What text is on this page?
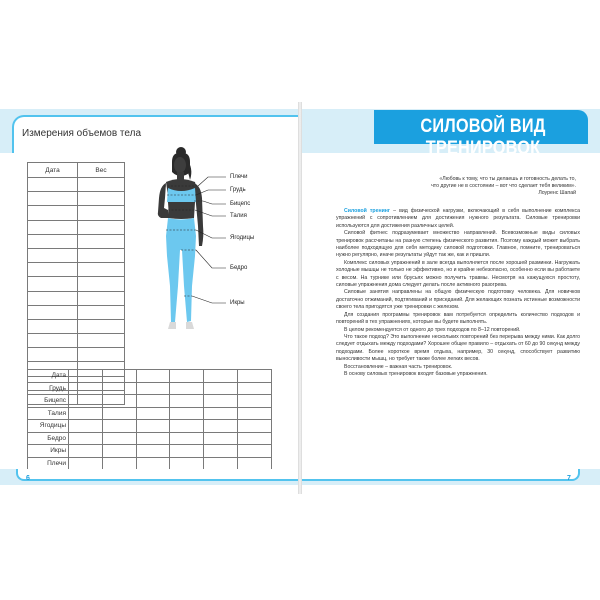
Измерения объемов тела
Дата	Вес

Плечи
Грудь
Бицепс
Талия
Ягодицы
Бедро
Икры
Дата						
Грудь						
Бицепс						
Талия						
Ягодицы						
Бедро						
Икры						
Плечи						
6
СИЛОВОЙ ВИД ТРЕНИРОВОК
«Любовь к тому, что ты делаешь и готовность делать то,
что другие не в состоянии – вот что сделает тебя великим».
Лоуренс Шапай

Силовой тренинг – вид физической нагрузки, включающий в себя выполнение комплекса упражнений с сопротивлением для достижения нужного результата. Силовые тренировки используются для достижения различных целей.

Силовой фитнес подразумевает множество направлений. Всевозможные виды силовых тренировок рассчитаны на разную степень физического развития. Поэтому каждый может выбрать наиболее подходящую для себя методику силовой подготовки. Главное, помните, тренироваться нужно регулярно, иначе результаты уйдут так же, как и пришли.

Комплекс силовых упражнений в зале всегда выполняется после хорошей разминки. Нагружать холодные мышцы не только не эффективно, но и крайне небезопасно, особенно если вы работаете с весом. На турнике или брусьях можно получить травмы. Несмотря на кажущуюся простоту, силовые упражнения дома следует делать после активного разогрева.

Силовые занятия направлены на общую физическую подготовку человека. Для новичков достаточно отжиманий, подтягиваний и приседаний. Для желающих познать истинные возможности своего тела пригодятся уже тренировки с железом.

Для создания программы тренировок вам потребуется определить количество подходов и повторений в тех упражнениях, которые вы будете выполнять.

В целом рекомендуется от одного до трех подходов по 8–12 повторений.

Что такое подход? Это выполнение нескольких повторений без перерыва между ними. Как долго следует отдыхать между подходами? Хорошее общее правило – отдыхать от 60 до 90 секунд между подходами. Более короткое время отдыха, например, 30 секунд, способствует развитию выносливости мышц, но требует также более легких весов.

Восстановление – важная часть тренировок.

В основу силовых тренировок входят базовые упражнения.

7
